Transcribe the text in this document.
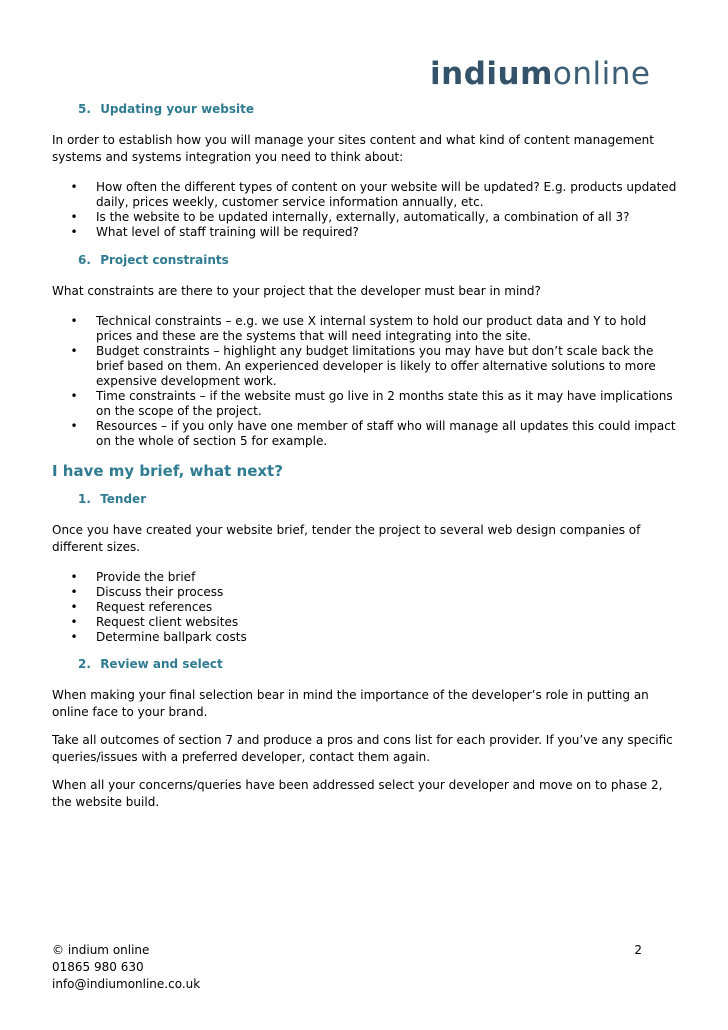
indiumonline
5. Updating your website

In order to establish how you will manage your sites content and what kind of content management systems and systems integration you need to think about:

• How often the different types of content on your website will be updated? E.g. products updated daily, prices weekly, customer service information annually, etc.
• Is the website to be updated internally, externally, automatically, a combination of all 3?
• What level of staff training will be required?
6. Project constraints

What constraints are there to your project that the developer must bear in mind?

• Technical constraints – e.g. we use X internal system to hold our product data and Y to hold prices and these are the systems that will need integrating into the site.
• Budget constraints – highlight any budget limitations you may have but don’t scale back the brief based on them. An experienced developer is likely to offer alternative solutions to more expensive development work.
• Time constraints – if the website must go live in 2 months state this as it may have implications on the scope of the project.
• Resources – if you only have one member of staff who will manage all updates this could impact on the whole of section 5 for example.
I have my brief, what next?
1. Tender

Once you have created your website brief, tender the project to several web design companies of different sizes.

• Provide the brief
• Discuss their process
• Request references
• Request client websites
• Determine ballpark costs
2. Review and select

When making your final selection bear in mind the importance of the developer’s role in putting an online face to your brand.

Take all outcomes of section 7 and produce a pros and cons list for each provider. If you’ve any specific queries/issues with a preferred developer, contact them again.

When all your concerns/queries have been addressed select your developer and move on to phase 2, the website build.

© indium online
01865 980 630
info@indiumonline.co.uk
2
